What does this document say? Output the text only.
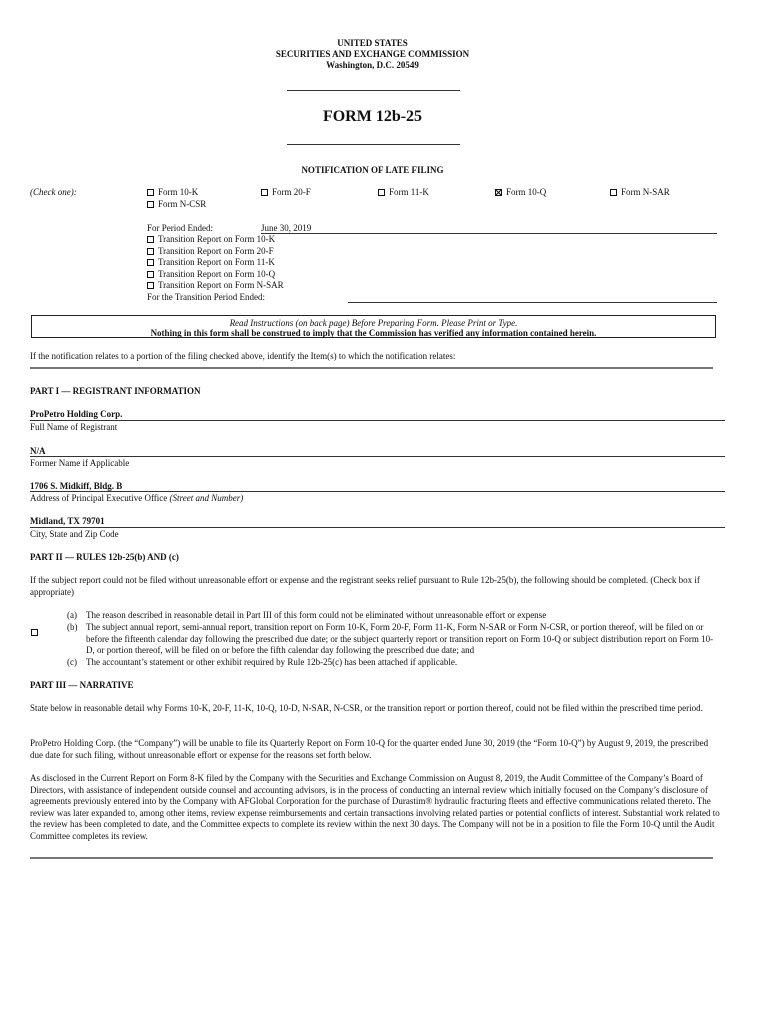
UNITED STATES
SECURITIES AND EXCHANGE COMMISSION
Washington, D.C. 20549
FORM 12b-25
NOTIFICATION OF LATE FILING
(Check one):	Form 10-K	Form 20-F	Form 11-K	Form 10-Q	Form N-SAR
Form N-CSR
For Period Ended:	June 30, 2019
Transition Report on Form 10-K
Transition Report on Form 20-F
Transition Report on Form 11-K
Transition Report on Form 10-Q
Transition Report on Form N-SAR
For the Transition Period Ended:
Read Instructions (on back page) Before Preparing Form. Please Print or Type.
Nothing in this form shall be construed to imply that the Commission has verified any information contained herein.
If the notification relates to a portion of the filing checked above, identify the Item(s) to which the notification relates:
PART I — REGISTRANT INFORMATION
ProPetro Holding Corp.
Full Name of Registrant
N/A
Former Name if Applicable
1706 S. Midkiff, Bldg. B
Address of Principal Executive Office (Street and Number)
Midland, TX 79701
City, State and Zip Code
PART II — RULES 12b-25(b) AND (c)
If the subject report could not be filed without unreasonable effort or expense and the registrant seeks relief pursuant to Rule 12b-25(b), the following should be completed. (Check box if appropriate)
(a)	The reason described in reasonable detail in Part III of this form could not be eliminated without unreasonable effort or expense
(b) The subject annual report, semi-annual report, transition report on Form 10-K, Form 20-F, Form 11-K, Form N-SAR or Form N-CSR, or portion thereof, will be filed on or before the fifteenth calendar day following the prescribed due date; or the subject quarterly report or transition report on Form 10-Q or subject distribution report on Form 10-D, or portion thereof, will be filed on or before the fifth calendar day following the prescribed due date; and
(c)	The accountant’s statement or other exhibit required by Rule 12b-25(c) has been attached if applicable.
PART III — NARRATIVE
State below in reasonable detail why Forms 10-K, 20-F, 11-K, 10-Q, 10-D, N-SAR, N-CSR, or the transition report or portion thereof, could not be filed within the prescribed time period.
ProPetro Holding Corp. (the “Company”) will be unable to file its Quarterly Report on Form 10-Q for the quarter ended June 30, 2019 (the “Form 10-Q”) by August 9, 2019, the prescribed due date for such filing, without unreasonable effort or expense for the reasons set forth below.
As disclosed in the Current Report on Form 8-K filed by the Company with the Securities and Exchange Commission on August 8, 2019, the Audit Committee of the Company’s Board of Directors, with assistance of independent outside counsel and accounting advisors, is in the process of conducting an internal review which initially focused on the Company’s disclosure of agreements previously entered into by the Company with AFGlobal Corporation for the purchase of Durastim® hydraulic fracturing fleets and effective communications related thereto. The review was later expanded to, among other items, review expense reimbursements and certain transactions involving related parties or potential conflicts of interest. Substantial work related to the review has been completed to date, and the Committee expects to complete its review within the next 30 days. The Company will not be in a position to file the Form 10-Q until the Audit Committee completes its review.
